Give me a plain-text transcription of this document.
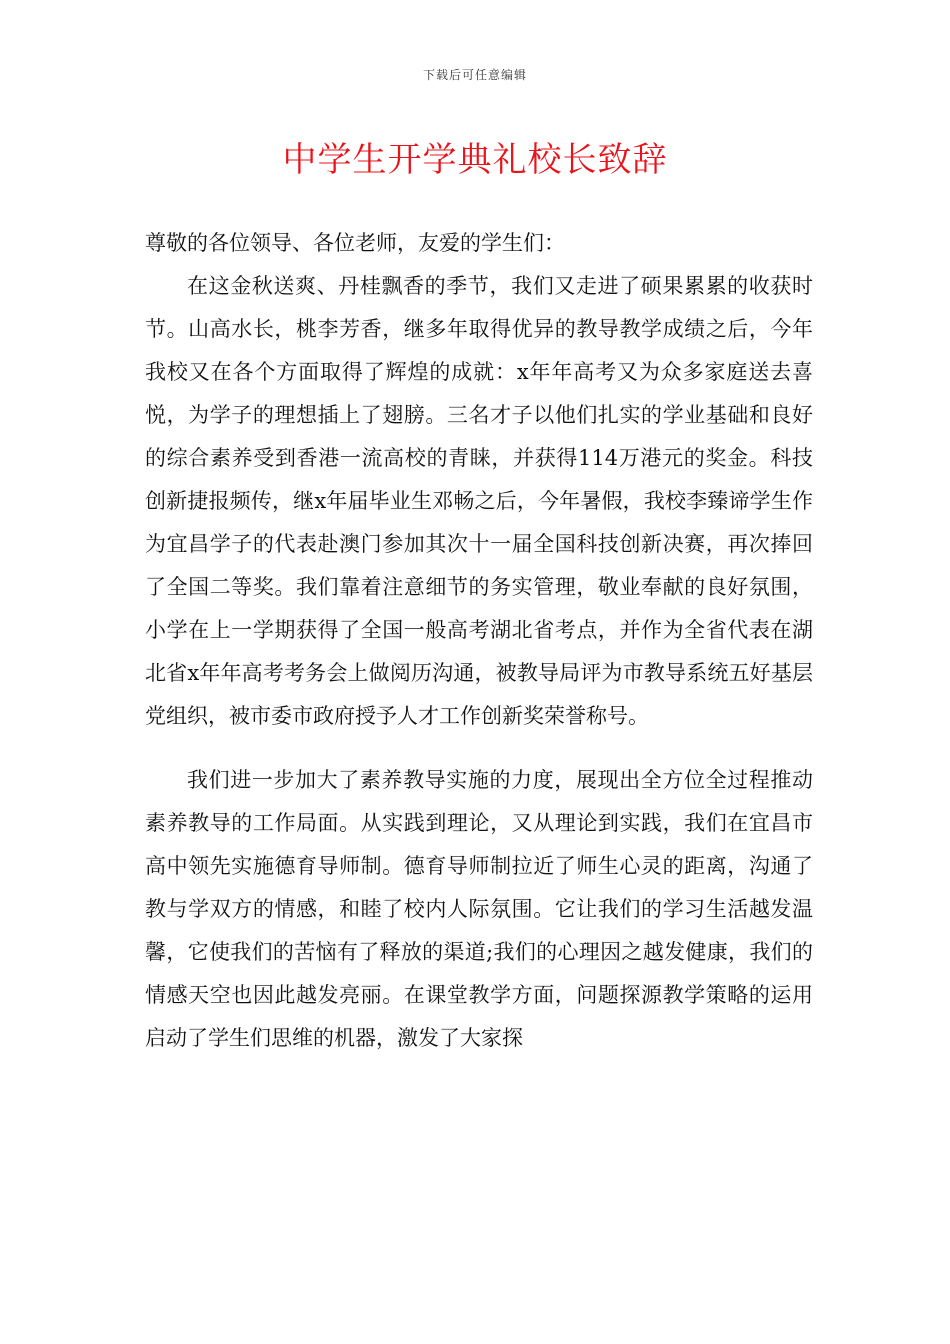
下载后可任意编辑
中学生开学典礼校长致辞

尊敬的各位领导、各位老师，友爱的学生们：

在这金秋送爽、丹桂飘香的季节，我们又走进了硕果累累的收获时节。山高水长，桃李芳香，继多年取得优异的教导教学成绩之后，今年我校又在各个方面取得了辉煌的成就：x年年高考又为众多家庭送去喜悦，为学子的理想插上了翅膀。三名才子以他们扎实的学业基础和良好的综合素养受到香港一流高校的青睐，并获得114万港元的奖金。科技创新捷报频传，继x年届毕业生邓畅之后，今年暑假，我校李臻谛学生作为宜昌学子的代表赴澳门参加其次十一届全国科技创新决赛，再次捧回了全国二等奖。我们靠着注意细节的务实管理，敬业奉献的良好氛围，小学在上一学期获得了全国一般高考湖北省考点，并作为全省代表在湖北省x年年高考考务会上做阅历沟通，被教导局评为市教导系统五好基层党组织，被市委市政府授予人才工作创新奖荣誉称号。

我们进一步加大了素养教导实施的力度，展现出全方位全过程推动素养教导的工作局面。从实践到理论，又从理论到实践，我们在宜昌市高中领先实施德育导师制。德育导师制拉近了师生心灵的距离，沟通了教与学双方的情感，和睦了校内人际氛围。它让我们的学习生活越发温馨，它使我们的苦恼有了释放的渠道;我们的心理因之越发健康，我们的情感天空也因此越发亮丽。在课堂教学方面，问题探源教学策略的运用启动了学生们思维的机器，激发了大家探
